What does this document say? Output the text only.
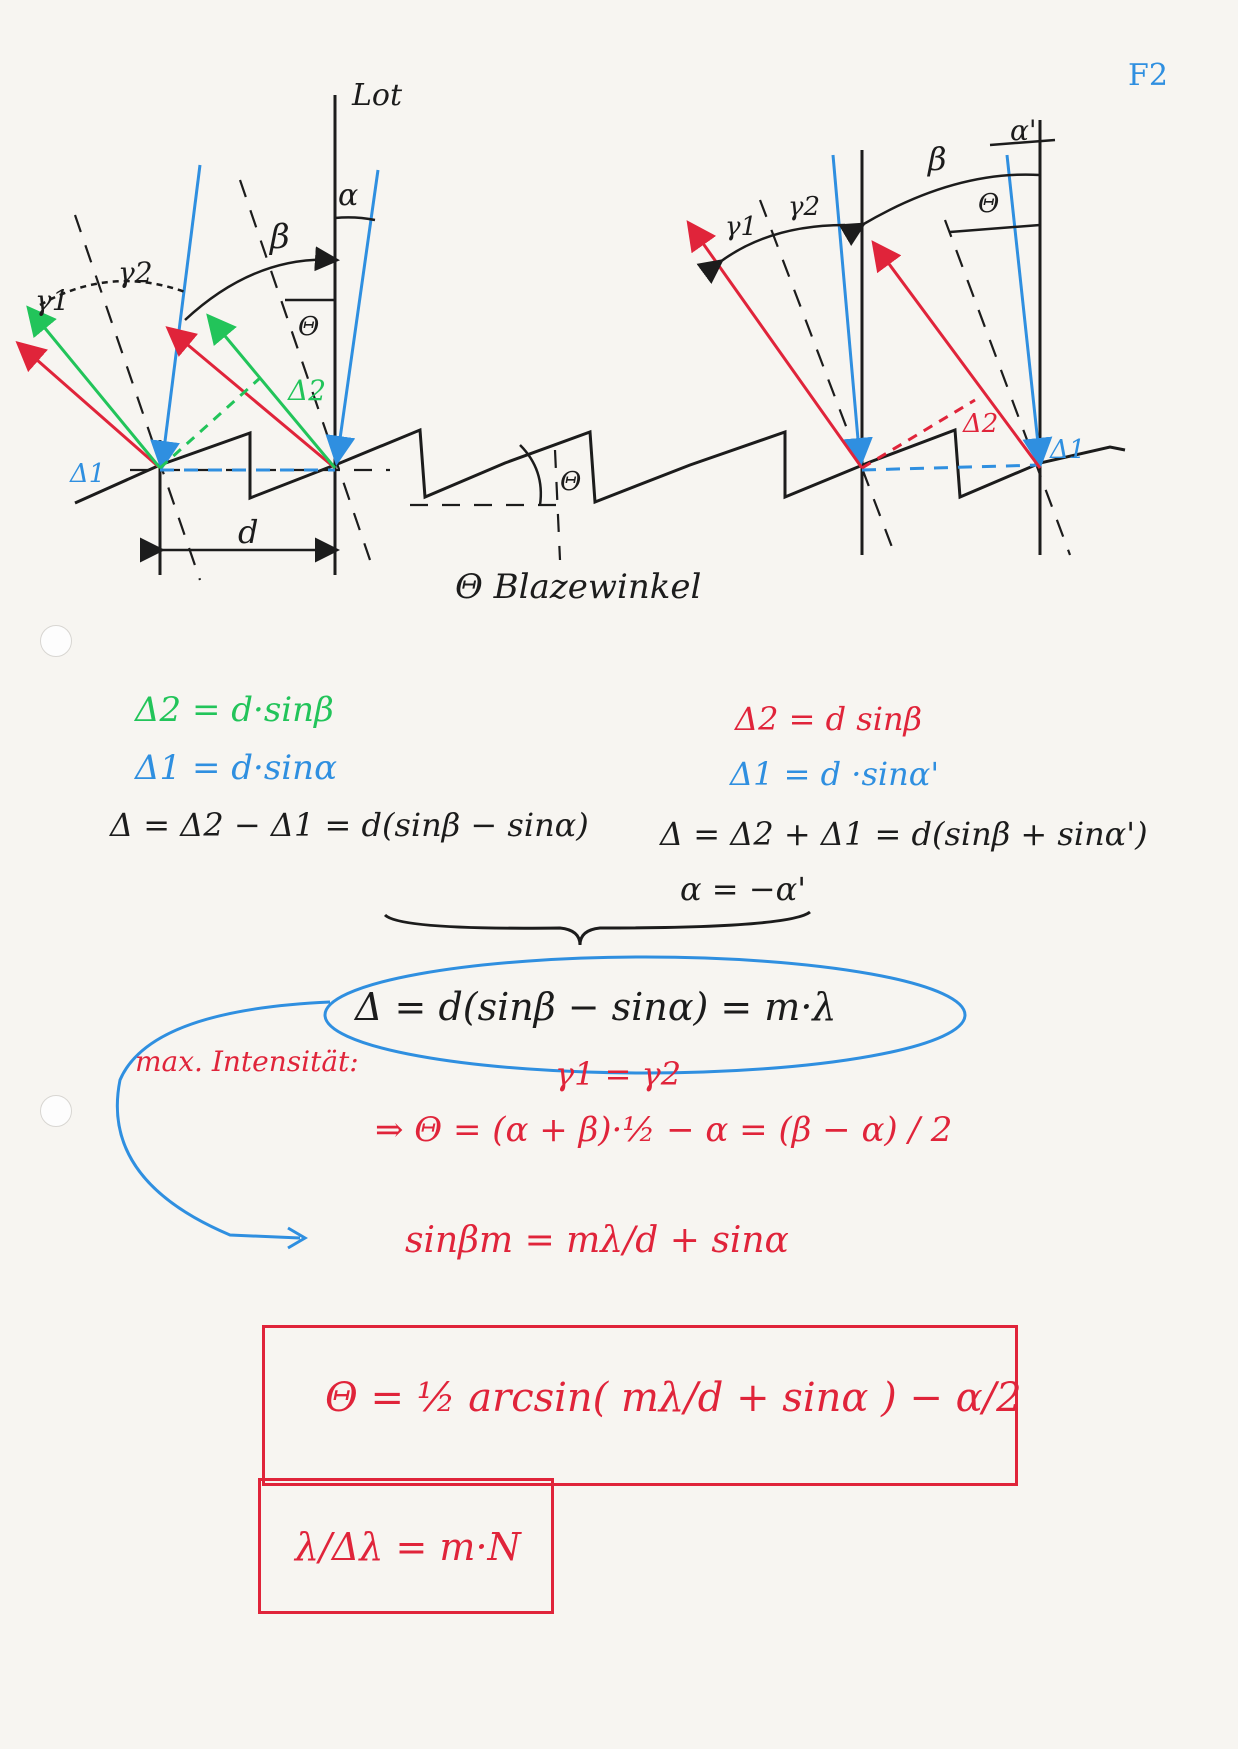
F2
Lot
β
α
Θ
γ1
γ2
Δ2
Δ1
d
Θ
β
α'
Θ
γ1
γ2
Δ2
Δ1
Θ Blazewinkel
Δ2 = d·sinβ
Δ1 = d·sinα
Δ = Δ2 − Δ1 = d(sinβ − sinα)
Δ2 = d sinβ
Δ1 = d ·sinα'
Δ = Δ2 + Δ1 = d(sinβ + sinα')
α = −α'
Δ = d(sinβ − sinα) = m·λ
max. Intensität:	γ1 = γ2
⇒ Θ = (α + β)·½ − α = (β − α) / 2
sinβm = mλ/d + sinα
Θ = ½ arcsin( mλ/d + sinα ) − α/2
λ/Δλ = m·N
